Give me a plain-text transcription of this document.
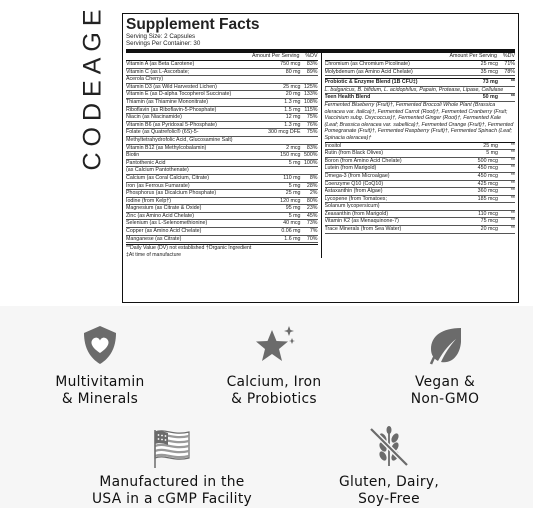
CODEAGE Supplement Facts
Serving Size: 2 Capsules
Servings Per Container: 30
Amount Per Serving	%DV
Vitamin A (as Beta Carotene)	750 mcg	83%
Vitamin C (as L-Ascorbate;	80 mg	89%
Acerola Cherry)
Vitamin D3 (as Wild Harvested Lichen)	25 mcg 125%
Vitamin E (as D-alpha Tocopherol Succinate)	20 mg 133%
Thiamin (as Thiamine Mononitrate)	1.3 mg 108%
Riboflavin (as Riboflavin-5-Phosphate)	1.5 mg 115%
Niacin (as Niacinamide)	12 mg	75%
Vitamin B6 (as Pyridoxal 5-Phosphate)	1.3 mg	76%
Folate (as Quatrefolic® (6S)-5-	300 mcg DFE	75%
Methyltetrahydrofolic Acid, Glucosamine Salt)
Vitamin B12 (as Methylcobalamin)	2 mcg	83%
Biotin	150 mcg 500%
Pantothenic Acid	5 mg 100%
(as Calcium Pantothenate)
Calcium (as Coral Calcium, Citrate)	110 mg	8%
Iron (as Ferrous Fumarate)	5 mg	28%
Phosphorus (as Dicalcium Phosphate)	25 mg	2%
Iodine (from Kelp†)	120 mcg	80%
Magnesium (as Citrate & Oxide)	95 mg	23%
Zinc (as Amino Acid Chelate)	5 mg	45%
Selenium (as L-Selenomethionine)	40 mcg	73%
Copper (as Amino Acid Chelate)	0.06 mg	7%
Manganese (as Citrate)	1.6 mg	70%
**Daily Value (DV) not established †Organic Ingredient
‡At time of manufacture
Amount Per Serving	%DV
Chromium (as Chromium Picolinate)	25 mcg	71%
Molybdenum (as Amino Acid Chelate)	35 mcg	78%
Probiotic & Enzyme Blend (1B CFU‡)	73 mg	**
L. bulgaricus, B. bifidum, L. acidophilus, Papain, Protease, Lipase, Cellulase
Teen Health Blend	50 mg	**
Fermented Blueberry (Fruit)†, Fermented Broccoli Whole Plant (Brassica oleracea var. italica)†, Fermented Carrot (Root)†, Fermented Cranberry (Fruit; Vaccinium subg. Oxycoccus)†, Fermented Ginger (Root)†, Fermented Kale (Leaf; Brassica oleracea var. sabellica)†, Fermented Orange (Fruit)†, Fermented Pomegranate (Fruit)†, Fermented Raspberry (Fruit)†, Fermented Spinach (Leaf; Spinacia oleracea)†
Inositol	25 mg	**
Rutin (from Black Olives)	5 mg	**
Boron (from Amino Acid Chelate)	500 mcg	**
Lutein (from Marigold)	450 mcg	**
Omega-3 (from Microalgae)	450 mcg	**
Coenzyme Q10 (CoQ10)	425 mcg	**
Astaxanthin (from Algae)	360 mcg	**
Lycopene (from Tomatoes;	185 mcg	**
Solanum lycopersicum)
Zeaxanthin (from Marigold)	110 mcg	**
Vitamin K2 (as Menaquinone-7)	75 mcg	**
Trace Minerals (from Sea Water)	20 mcg	**
Multivitamin
& Minerals
Calcium, Iron
& Probiotics
Vegan &
Non-GMO
Manufactured in the
USA in a cGMP Facility
Gluten, Dairy,
Soy-Free
